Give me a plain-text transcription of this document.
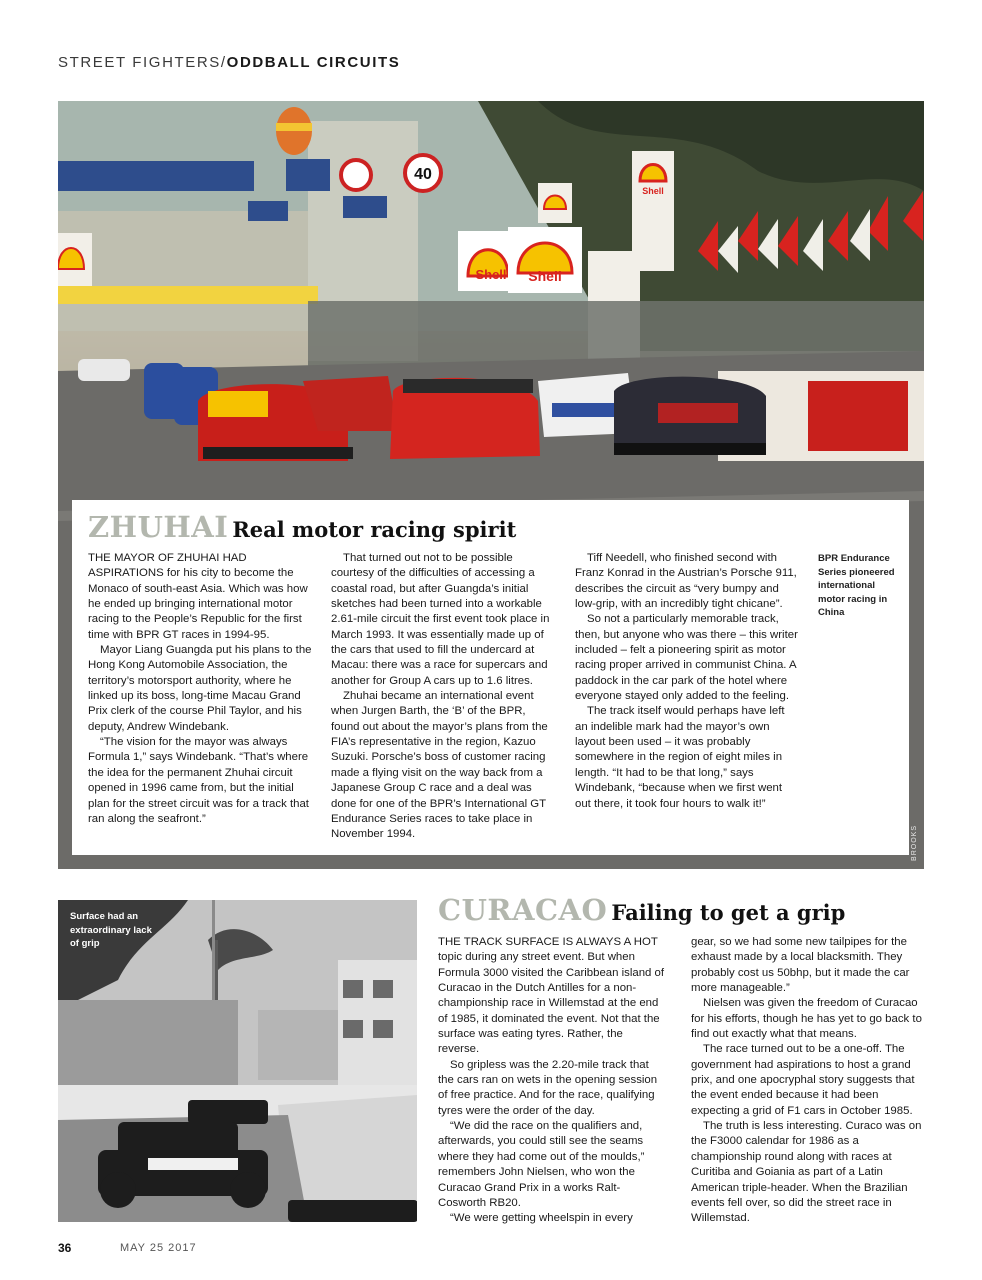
STREET FIGHTERS/ODDBALL CIRCUITS
40
Shell Shell
Shell
BROOKS
ZHUHAI Real motor racing spirit

THE MAYOR OF ZHUHAI HAD ASPIRATIONS for his city to become the Monaco of south-east Asia. Which was how he ended up bringing international motor racing to the People’s Republic for the first time with BPR GT races in 1994-95.

Mayor Liang Guangda put his plans to the Hong Kong Automobile Association, the territory’s motorsport authority, where he linked up its boss, long-time Macau Grand Prix clerk of the course Phil Taylor, and his deputy, Andrew Windebank.

“The vision for the mayor was always Formula 1,” says Windebank. “That’s where the idea for the permanent Zhuhai circuit opened in 1996 came from, but the initial plan for the street circuit was for a track that ran along the seafront.”

That turned out not to be possible courtesy of the difficulties of accessing a coastal road, but after Guangda’s initial sketches had been turned into a workable 2.61-mile circuit the first event took place in March 1993. It was essentially made up of the cars that used to fill the undercard at Macau: there was a race for supercars and another for Group A cars up to 1.6 litres.

Zhuhai became an international event when Jurgen Barth, the ‘B’ of the BPR, found out about the mayor’s plans from the FIA’s representative in the region, Kazuo Suzuki. Porsche’s boss of customer racing made a flying visit on the way back from a Japanese Group C race and a deal was done for one of the BPR’s International GT Endurance Series races to take place in November 1994.

Tiff Needell, who finished second with Franz Konrad in the Austrian’s Porsche 911, describes the circuit as “very bumpy and low-grip, with an incredibly tight chicane”.

So not a particularly memorable track, then, but anyone who was there – this writer included – felt a pioneering spirit as motor racing proper arrived in communist China. A paddock in the car park of the hotel where everyone stayed only added to the feeling.

The track itself would perhaps have left an indelible mark had the mayor’s own layout been used – it was probably somewhere in the region of eight miles in length. “It had to be that long,” says Windebank, “because when we first went out there, it took four hours to walk it!”

BPR Endurance Series pioneered international motor racing in China
Surface had an extraordinary lack of grip
CURACAO Failing to get a grip

THE TRACK SURFACE IS ALWAYS A HOT topic during any street event. But when Formula 3000 visited the Caribbean island of Curacao in the Dutch Antilles for a non-championship race in Willemstad at the end of 1985, it dominated the event. Not that the surface was eating tyres. Rather, the reverse.

So gripless was the 2.20-mile track that the cars ran on wets in the opening session of free practice. And for the race, qualifying tyres were the order of the day.

“We did the race on the qualifiers and, afterwards, you could still see the seams where they had come out of the moulds,” remembers John Nielsen, who won the Curacao Grand Prix in a works Ralt-Cosworth RB20.

“We were getting wheelspin in every

gear, so we had some new tailpipes for the exhaust made by a local blacksmith. They probably cost us 50bhp, but it made the car more manageable.”

Nielsen was given the freedom of Curacao for his efforts, though he has yet to go back to find out exactly what that means.

The race turned out to be a one-off. The government had aspirations to host a grand prix, and one apocryphal story suggests that the event ended because it had been expecting a grid of F1 cars in October 1985.

The truth is less interesting. Curaco was on the F3000 calendar for 1986 as a championship round along with races at Curitiba and Goiania as part of a Latin American triple-header. When the Brazilian events fell over, so did the street race in Willemstad.

36	MAY 25 2017
